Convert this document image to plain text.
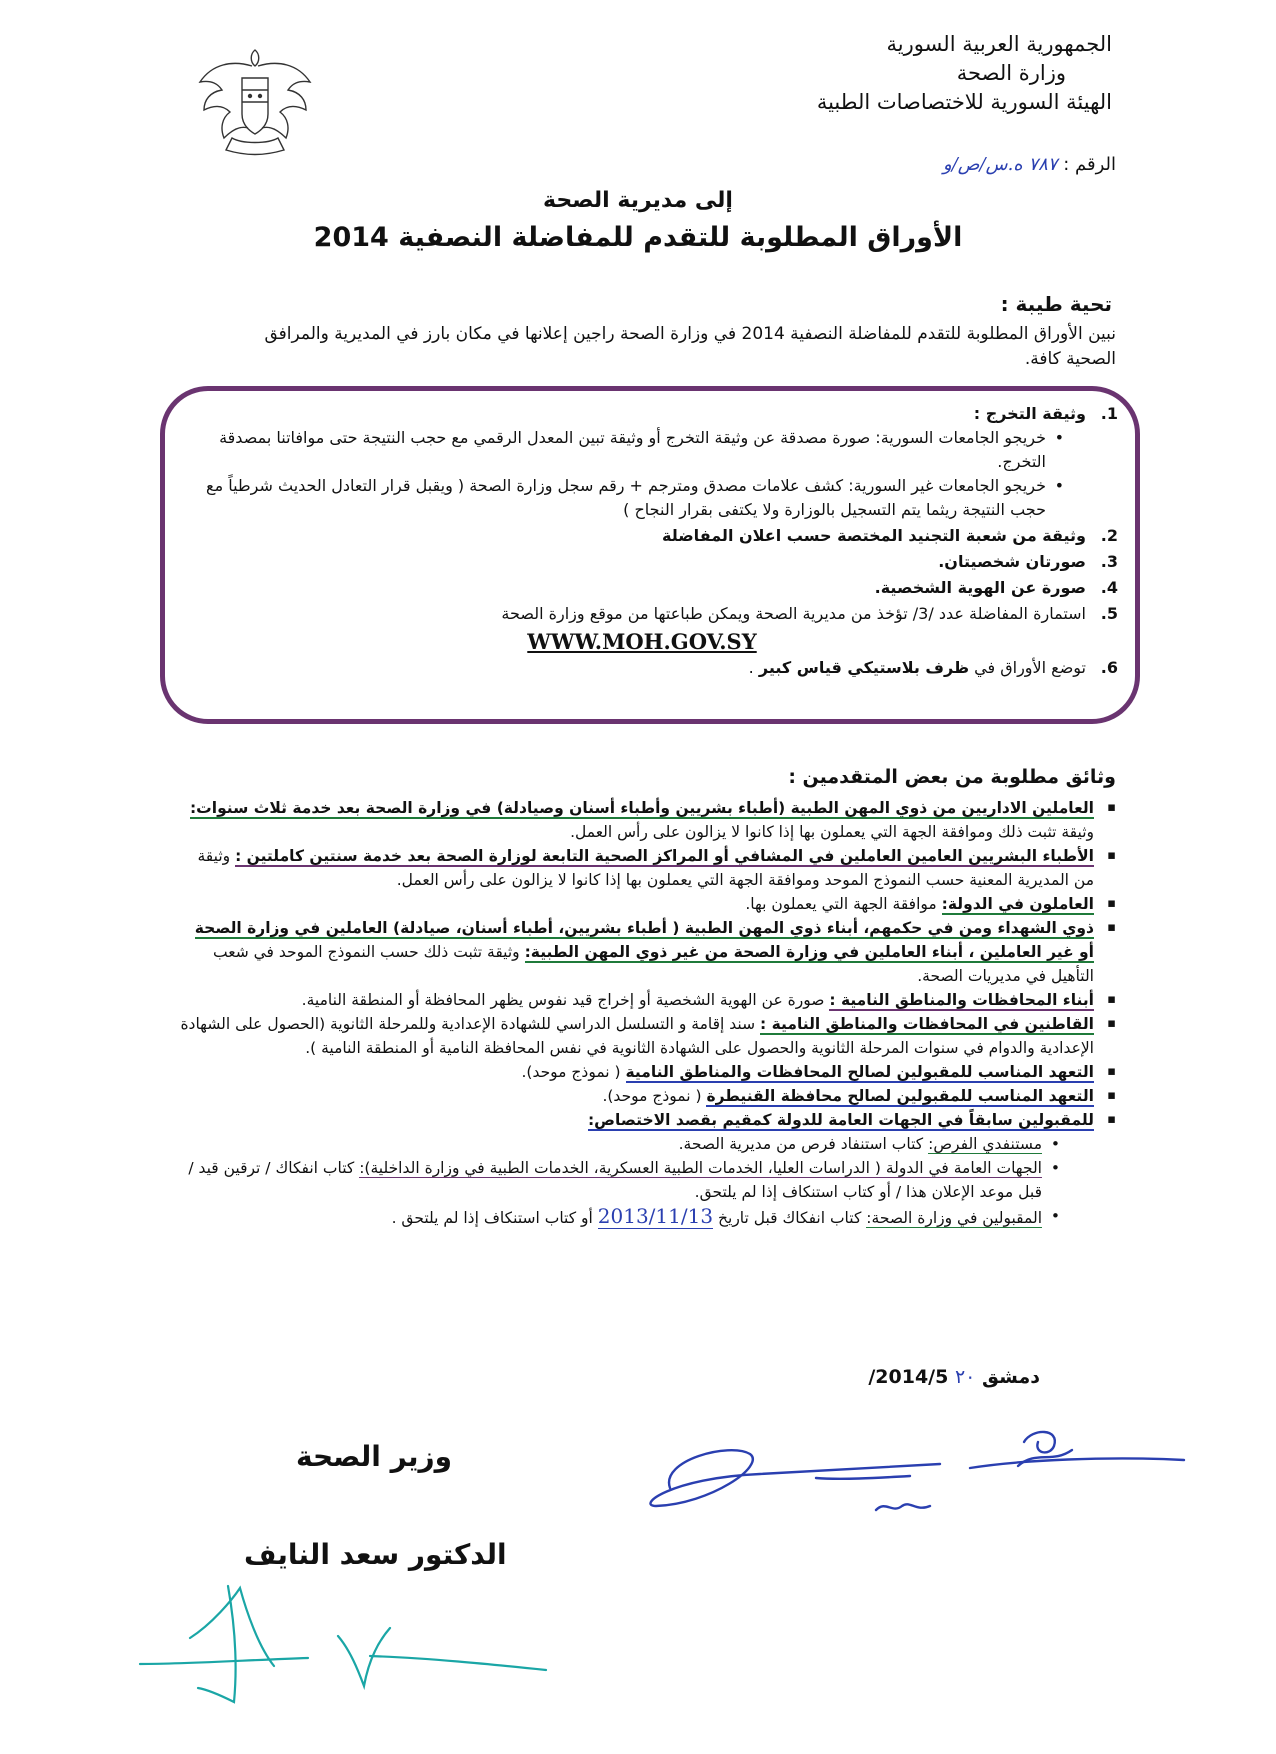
الجمهورية العربية السورية
وزارة الصحة
الهيئة السورية للاختصاصات الطبية
الرقم : ٧٨٧ ه.س/ص/و
إلى مديرية الصحة
الأوراق المطلوبة للتقدم للمفاضلة النصفية 2014
تحية طيبة :
نبين الأوراق المطلوبة للتقدم للمفاضلة النصفية 2014 في وزارة الصحة راجين إعلانها في مكان بارز في المديرية والمرافق الصحية كافة.
1.
وثيقة التخرج :
• خريجو الجامعات السورية: صورة مصدقة عن وثيقة التخرج أو وثيقة تبين المعدل الرقمي مع حجب النتيجة حتى موافاتنا بمصدقة التخرج.
• خريجو الجامعات غير السورية: كشف علامات مصدق ومترجم + رقم سجل وزارة الصحة ( ويقبل قرار التعادل الحديث شرطياً مع حجب النتيجة ريثما يتم التسجيل بالوزارة ولا يكتفى بقرار النجاح )
2.
وثيقة من شعبة التجنيد المختصة حسب اعلان المفاضلة
3.
صورتان شخصيتان.
4.
صورة عن الهوية الشخصية.
5.
استمارة المفاضلة عدد /3/ تؤخذ من مديرية الصحة ويمكن طباعتها من موقع وزارة الصحة
WWW.MOH.GOV.SY
6.
توضع الأوراق في ظرف بلاستيكي قياس كبير .
وثائق مطلوبة من بعض المتقدمين :
▪ العاملين الاداريين من ذوي المهن الطبية (أطباء بشريين وأطباء أسنان وصيادلة) في وزارة الصحة بعد خدمة ثلاث سنوات: وثيقة تثبت ذلك وموافقة الجهة التي يعملون بها إذا كانوا لا يزالون على رأس العمل.
▪ الأطباء البشريين العامين العاملين في المشافي أو المراكز الصحية التابعة لوزارة الصحة بعد خدمة سنتين كاملتين : وثيقة من المديرية المعنية حسب النموذج الموحد وموافقة الجهة التي يعملون بها إذا كانوا لا يزالون على رأس العمل.
▪ العاملون في الدولة: موافقة الجهة التي يعملون بها.
▪ ذوي الشهداء ومن في حكمهم، أبناء ذوي المهن الطبية ( أطباء بشريين، أطباء أسنان، صيادلة) العاملين في وزارة الصحة أو غير العاملين ، أبناء العاملين في وزارة الصحة من غير ذوي المهن الطبية: وثيقة تثبت ذلك حسب النموذج الموحد في شعب التأهيل في مديريات الصحة.
▪ أبناء المحافظات والمناطق النامية : صورة عن الهوية الشخصية أو إخراج قيد نفوس يظهر المحافظة أو المنطقة النامية.
▪ القاطنين في المحافظات والمناطق النامية : سند إقامة و التسلسل الدراسي للشهادة الإعدادية وللمرحلة الثانوية (الحصول على الشهادة الإعدادية والدوام في سنوات المرحلة الثانوية والحصول على الشهادة الثانوية في نفس المحافظة النامية أو المنطقة النامية ).
▪ التعهد المناسب للمقبولين لصالح المحافظات والمناطق النامية ( نموذج موحد).
▪ التعهد المناسب للمقبولين لصالح محافظة القنيطرة ( نموذج موحد).
▪ للمقبولين سابقاً في الجهات العامة للدولة كمقيم بقصد الاختصاص:
• مستنفدي الفرص: كتاب استنفاد فرص من مديرية الصحة.
• الجهات العامة في الدولة ( الدراسات العليا، الخدمات الطبية العسكرية، الخدمات الطبية في وزارة الداخلية): كتاب انفكاك / ترقين قيد / قبل موعد الإعلان هذا / أو كتاب استنكاف إذا لم يلتحق.
• المقبولين في وزارة الصحة: كتاب انفكاك قبل تاريخ 2013/11/13 أو كتاب استنكاف إذا لم يلتحق .
دمشق ٢٠ 2014/5/
وزير الصحة
الدكتور سعد النايف
